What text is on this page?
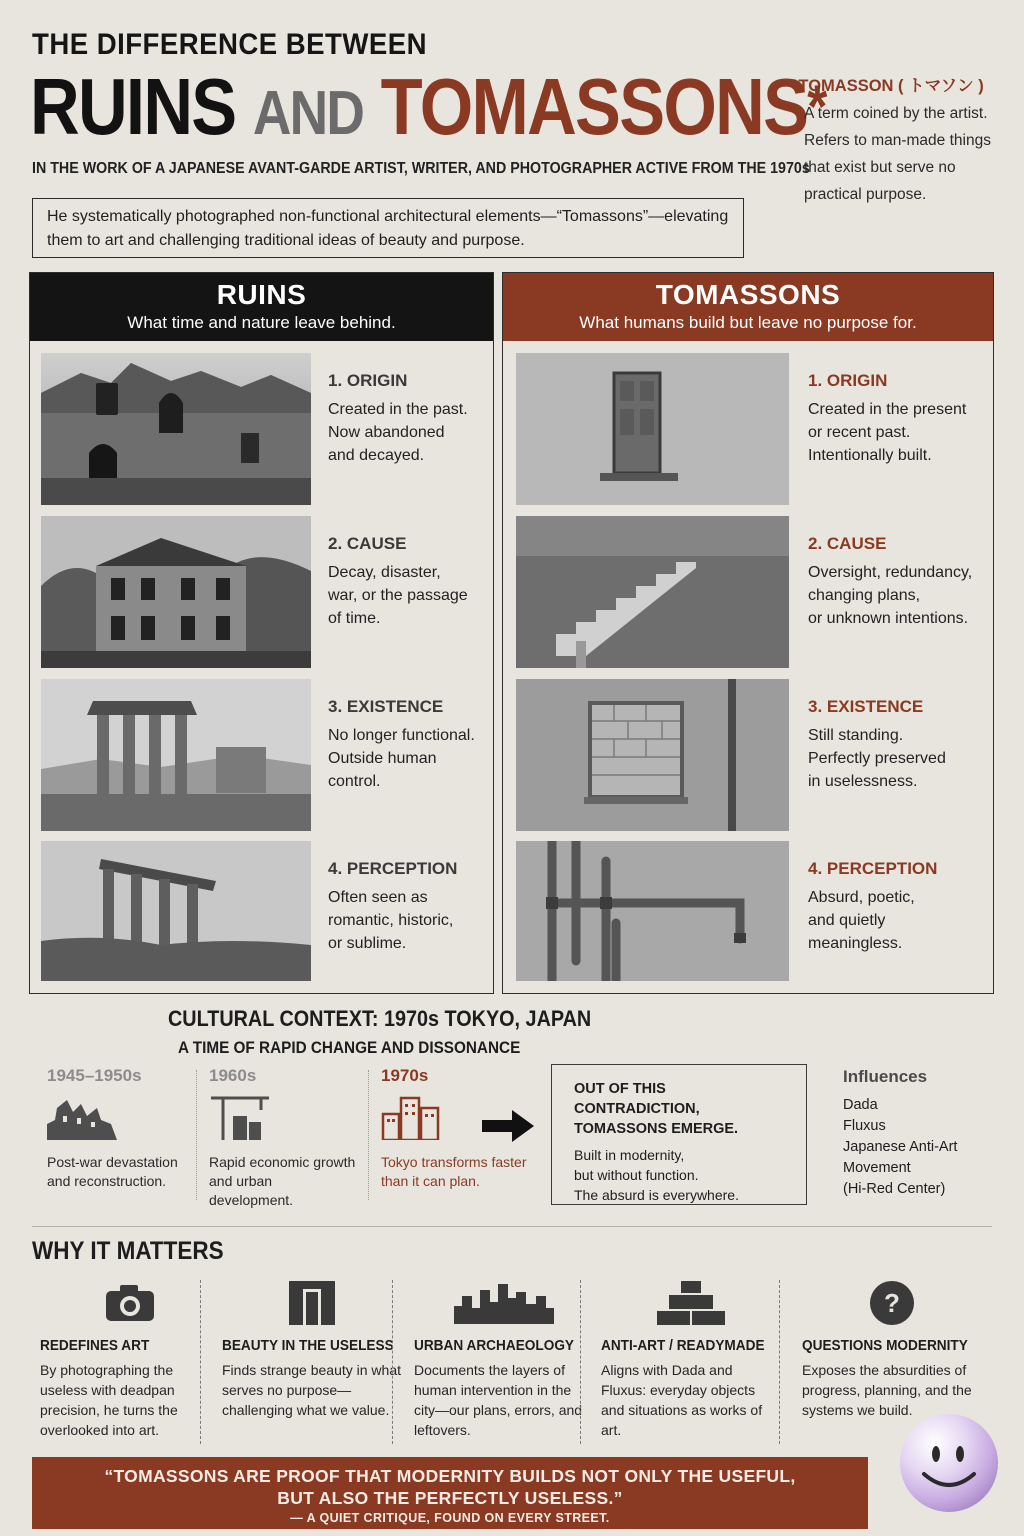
THE DIFFERENCE BETWEEN
RUINS AND TOMASSONS*
IN THE WORK OF A JAPANESE AVANT-GARDE ARTIST, WRITER, AND PHOTOGRAPHER ACTIVE FROM THE 1970s
He systematically photographed non-functional architectural elements—“Tomassons”—elevating them to art and challenging traditional ideas of beauty and purpose.
*TOMASSON ( トマソン )
A term coined by the artist. Refers to man-made things that exist but serve no practical purpose.
RUINS
What time and nature leave behind.
1. ORIGIN
Created in the past.
Now abandoned
and decayed.
2. CAUSE
Decay, disaster,
war, or the passage
of time.
3. EXISTENCE
No longer functional.
Outside human
control.
4. PERCEPTION
Often seen as
romantic, historic,
or sublime.
TOMASSONS
What humans build but leave no purpose for.
1. ORIGIN
Created in the present
or recent past.
Intentionally built.
2. CAUSE
Oversight, redundancy,
changing plans,
or unknown intentions.
3. EXISTENCE
Still standing.
Perfectly preserved
in uselessness.
4. PERCEPTION
Absurd, poetic,
and quietly
meaningless.
CULTURAL CONTEXT: 1970s TOKYO, JAPAN
A TIME OF RAPID CHANGE AND DISSONANCE
1945–1950s
Post-war devastation and reconstruction.
1960s
Rapid economic growth and urban development.
1970s
Tokyo transforms faster than it can plan.
OUT OF THIS CONTRADICTION, TOMASSONS EMERGE.
Built in modernity,
but without function.
The absurd is everywhere.
Influences
Dada
Fluxus
Japanese Anti-Art
Movement
(Hi-Red Center)
WHY IT MATTERS
REDEFINES ART
By photographing the useless with deadpan precision, he turns the overlooked into art.
BEAUTY IN THE USELESS
Finds strange beauty in what serves no purpose—challenging what we value.
URBAN ARCHAEOLOGY
Documents the layers of human intervention in the city—our plans, errors, and leftovers.
ANTI-ART / READYMADE
Aligns with Dada and Fluxus: everyday objects and situations as works of art.
?
QUESTIONS MODERNITY
Exposes the absurdities of progress, planning, and the systems we build.
“TOMASSONS ARE PROOF THAT MODERNITY BUILDS NOT ONLY THE USEFUL,
BUT ALSO THE PERFECTLY USELESS.”
— A QUIET CRITIQUE, FOUND ON EVERY STREET.
